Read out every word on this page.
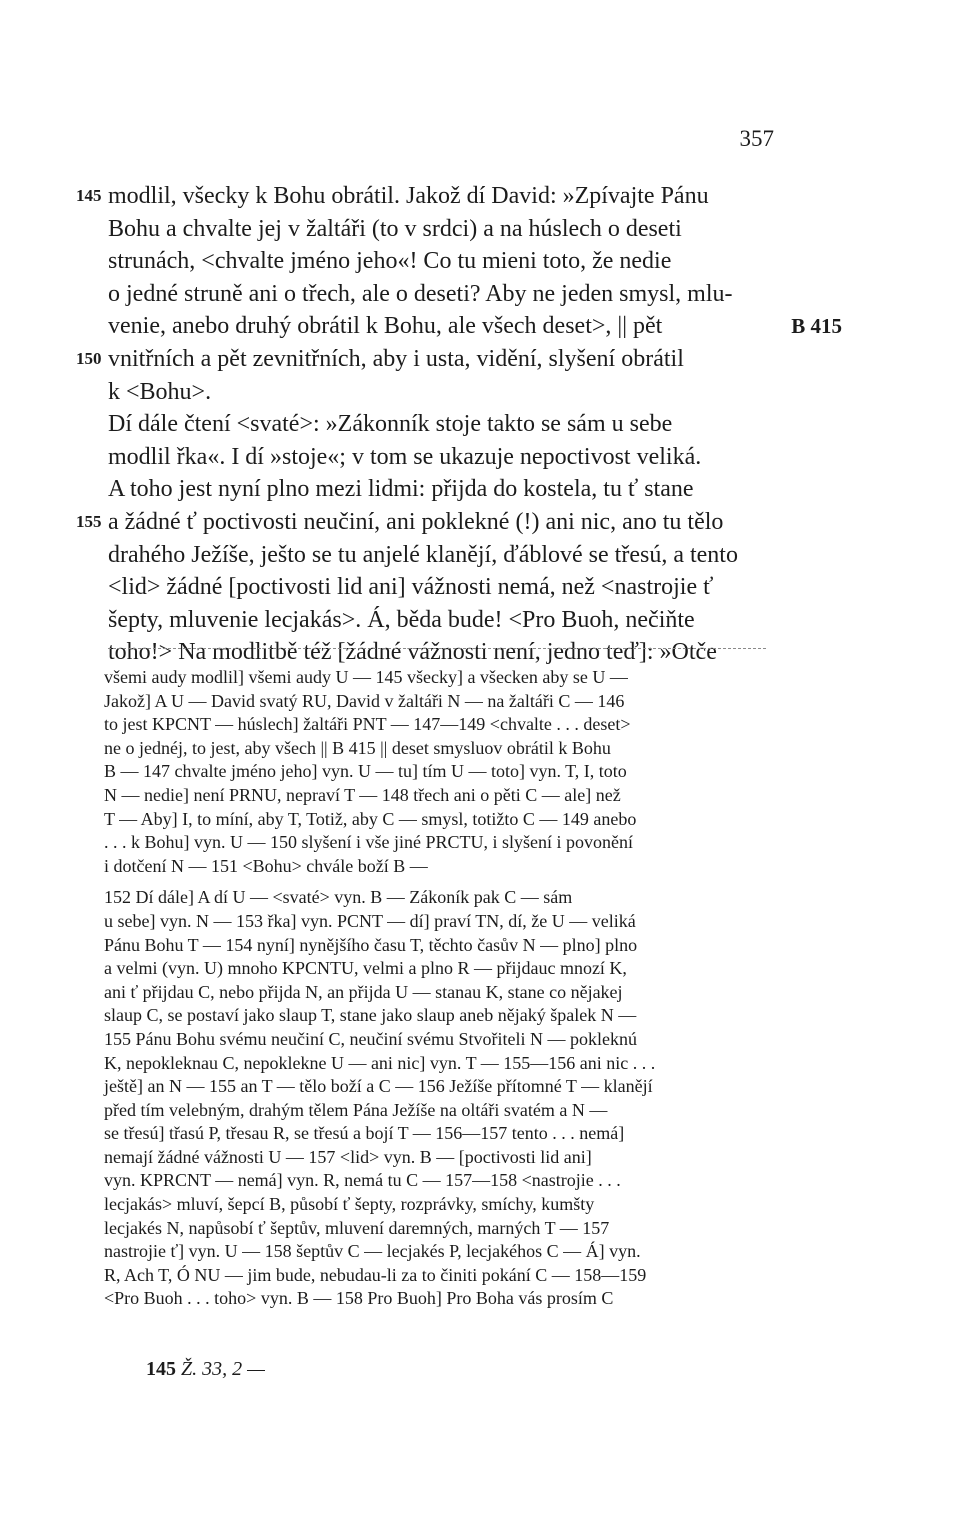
357
145 modlil, všecky k Bohu obrátil. Jakož dí David: »Zpívajte Pánu
Bohu a chvalte jej v žaltáři (to v srdci) a na húslech o deseti
strunách, <chvalte jméno jeho«! Co tu mieni toto, že nedie
o jedné struně ani o třech, ale o deseti? Aby ne jeden smysl, mlu-
venie, anebo druhý obrátil k Bohu, ale všech deset>, || pět	B 415
150 vnitřních a pět zevnitřních, aby i usta, vidění, slyšení obrátil
k <Bohu>.
Dí dále čtení <svaté>: »Zákonník stoje takto se sám u sebe
modlil řka«. I dí »stoje«; v tom se ukazuje nepoctivost veliká.
A toho jest nyní plno mezi lidmi: přijda do kostela, tu ť stane
155 a žádné ť poctivosti neučiní, ani poklekné (!) ani nic, ano tu tělo
drahého Ježíše, ješto se tu anjelé klanějí, ďáblové se třesú, a tento
<lid> žádné [poctivosti lid ani] vážnosti nemá, než <nastrojie ť
šepty, mluvenie lecjakás>. Á, běda bude! <Pro Buoh, nečiňte
toho!> Na modlitbě též [žádné vážnosti není, jedno teď]: »Otče
všemi audy modlil] všemi audy U — 145 všecky] a všecken aby se U —Jakož] A U — David svatý RU, David v žaltáři N — na žaltáři C — 146to jest KPCNT — húslech] žaltáři PNT — 147—149 <chvalte . . . deset>ne o jednéj, to jest, aby všech || B 415 || deset smysluov obrátil k BohuB — 147 chvalte jméno jeho] vyn. U — tu] tím U — toto] vyn. T, I, totoN — nedie] není PRNU, nepraví T — 148 třech ani o pěti C — ale] nežT — Aby] I, to míní, aby T, Totiž, aby C — smysl, totižto C — 149 anebo. . . k Bohu] vyn. U — 150 slyšení i vše jiné PRCTU, i slyšení i povoněníi dotčení N — 151 <Bohu> chvále boží B —152 Dí dále] A dí U — <svaté> vyn. B — Zákoník pak C — sámu sebe] vyn. N — 153 řka] vyn. PCNT — dí] praví TN, dí, že U — velikáPánu Bohu T — 154 nyní] nynějšího času T, těchto časův N — plno] plnoa velmi (vyn. U) mnoho KPCNTU, velmi a plno R — přijdauc mnozí K,ani ť přijdau C, nebo přijda N, an přijda U — stanau K, stane co nějakejslaup C, se postaví jako slaup T, stane jako slaup aneb nějaký špalek N —155 Pánu Bohu svému neučiní C, neučiní svému Stvořiteli N — pokleknúK, nepokleknau C, nepoklekne U — ani nic] vyn. T — 155—156 ani nic . . .ještě] an N — 155 an T — tělo boží a C — 156 Ježíše přítomné T — klanějípřed tím velebným, drahým tělem Pána Ježíše na oltáři svatém a N —se třesú] třasú P, třesau R, se třesú a bojí T — 156—157 tento . . . nemá]nemají žádné vážnosti U — 157 <lid> vyn. B — [poctivosti lid ani]vyn. KPRCNT — nemá] vyn. R, nemá tu C — 157—158 <nastrojie . . .lecjakás> mluví, šepcí B, působí ť šepty, rozprávky, smíchy, kumštylecjakés N, napůsobí ť šeptův, mluvení daremných, marných T — 157nastrojie ť] vyn. U — 158 šeptův C — lecjakés P, lecjakéhos C — Á] vyn.R, Ach T, Ó NU — jim bude, nebudau-li za to činiti pokání C — 158—159<Pro Buoh . . . toho> vyn. B — 158 Pro Buoh] Pro Boha vás prosím C
145 Ž. 33, 2 —
